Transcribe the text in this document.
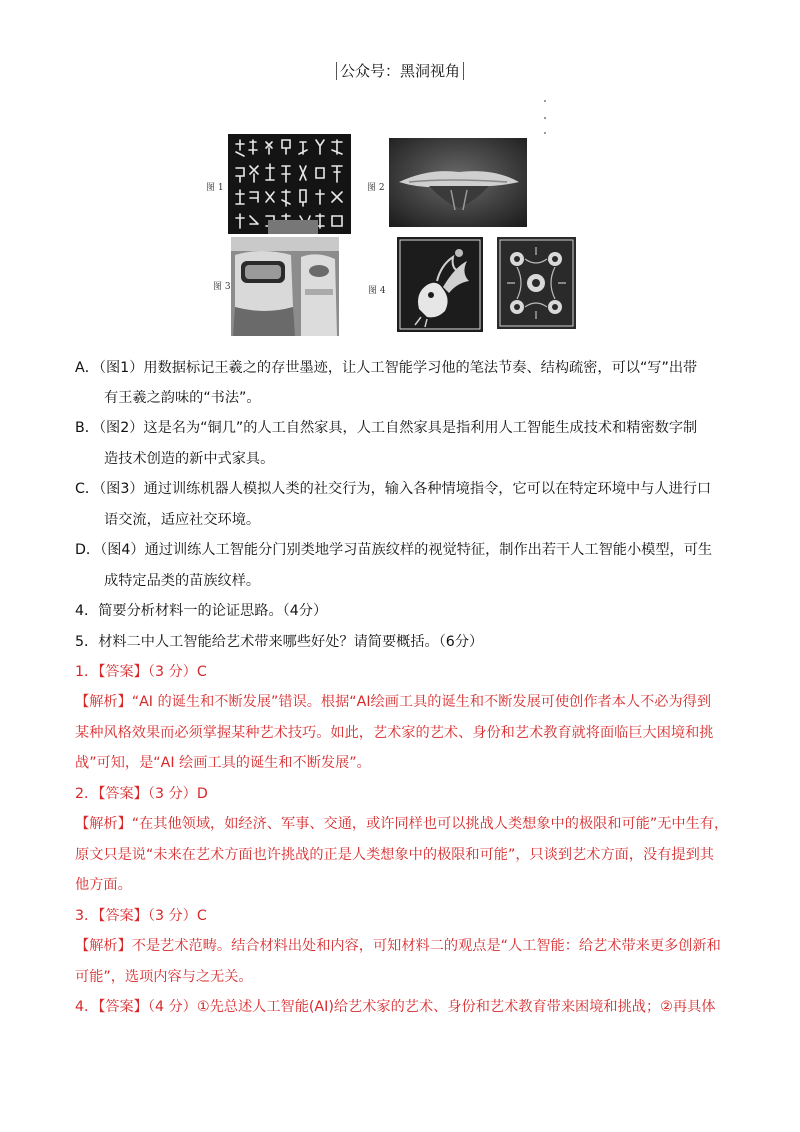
公众号：黑洞视角
图 1	图 2
图 3	图 4
A．（图1）用数据标记王羲之的存世墨迹，让人工智能学习他的笔法节奏、结构疏密，可以“写”出带
有王羲之韵味的“书法”。
B．（图2）这是名为“铜几”的人工自然家具，人工自然家具是指利用人工智能生成技术和精密数字制
造技术创造的新中式家具。
C．（图3）通过训练机器人模拟人类的社交行为，输入各种情境指令，它可以在特定环境中与人进行口
语交流，适应社交环境。
D．（图4）通过训练人工智能分门别类地学习苗族纹样的视觉特征，制作出若干人工智能小模型，可生
成特定品类的苗族纹样。
4．简要分析材料一的论证思路。（4分）
5．材料二中人工智能给艺术带来哪些好处？请简要概括。（6分）
1．【答案】（3 分）C
【解析】“AI 的诞生和不断发展”错误。根据“AI绘画工具的诞生和不断发展可使创作者本人不必为得到
某种风格效果而必须掌握某种艺术技巧。如此，艺术家的艺术、身份和艺术教育就将面临巨大困境和挑
战”可知，是“AI 绘画工具的诞生和不断发展”。
2．【答案】（3 分）D
【解析】“在其他领域，如经济、军事、交通，或许同样也可以挑战人类想象中的极限和可能”无中生有，
原文只是说“未来在艺术方面也许挑战的正是人类想象中的极限和可能”，只谈到艺术方面，没有提到其
他方面。
3．【答案】（3 分）C
【解析】不是艺术范畴。结合材料出处和内容，可知材料二的观点是“人工智能：给艺术带来更多创新和
可能”，选项内容与之无关。
4．【答案】（4 分）①先总述人工智能(AI)给艺术家的艺术、身份和艺术教育带来困境和挑战；②再具体
